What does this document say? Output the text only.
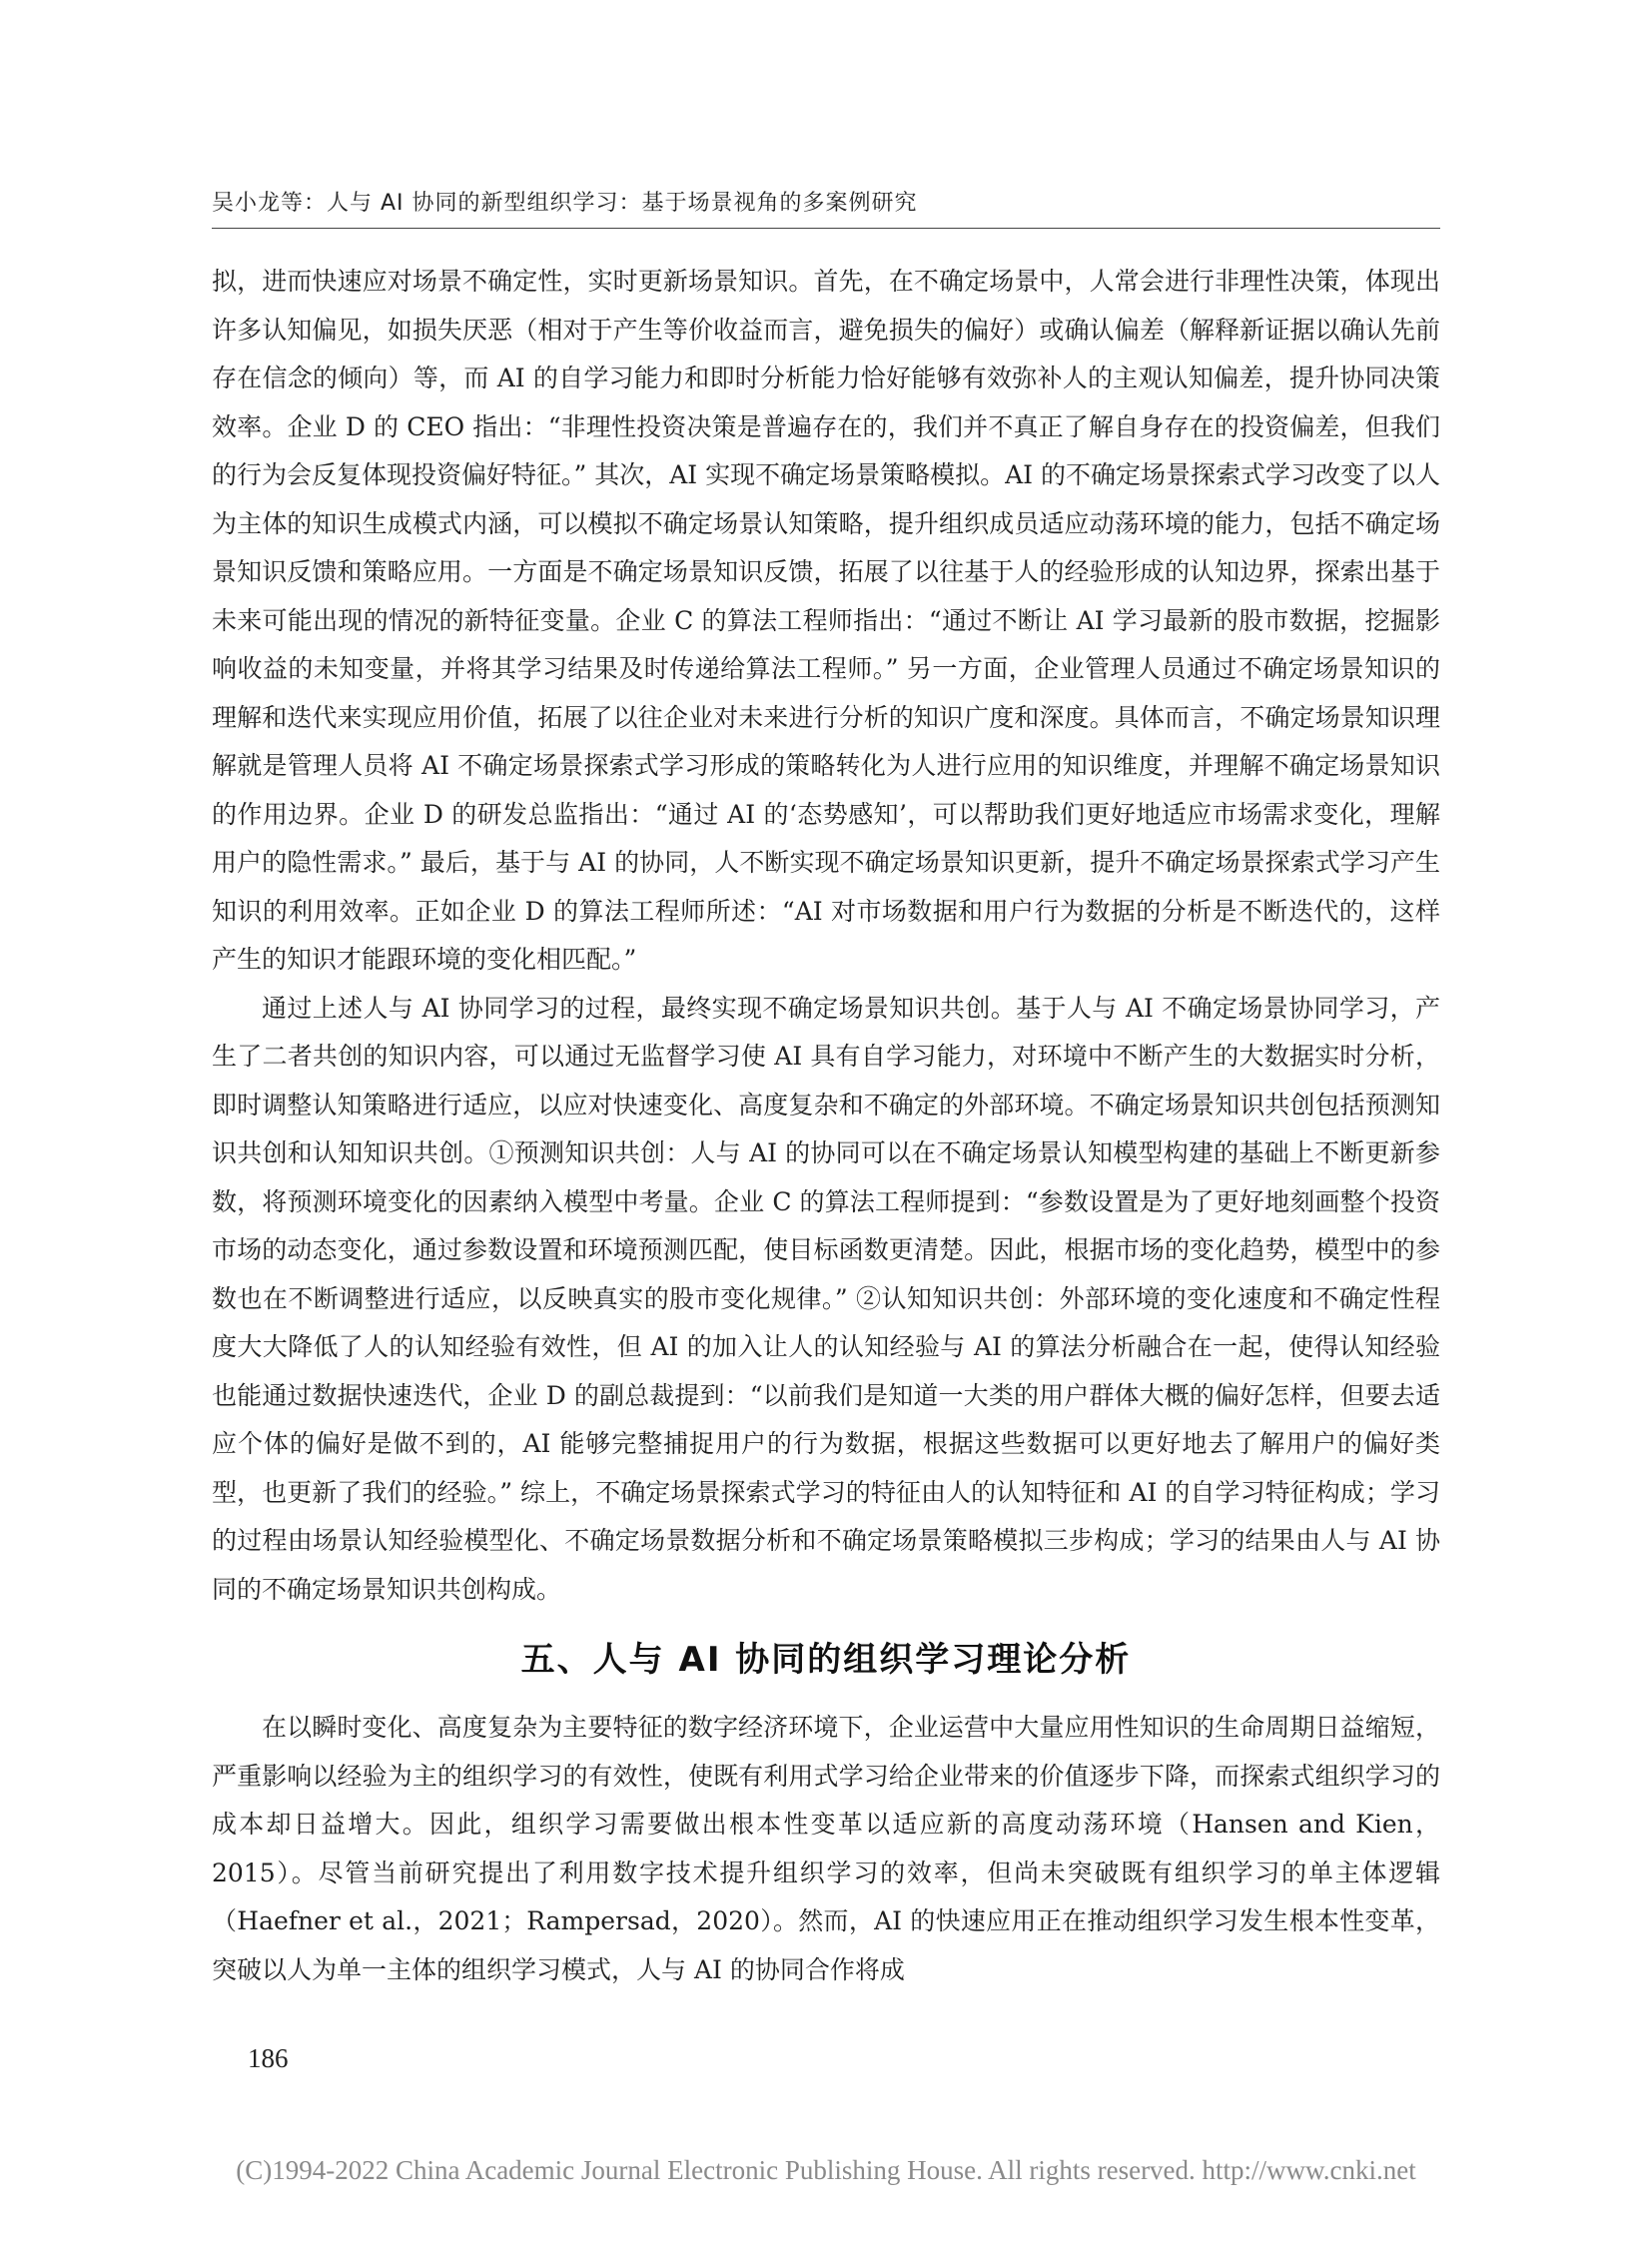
吴小龙等：人与 AI 协同的新型组织学习：基于场景视角的多案例研究

拟，进而快速应对场景不确定性，实时更新场景知识。首先，在不确定场景中，人常会进行非理性决策，体现出许多认知偏见，如损失厌恶（相对于产生等价收益而言，避免损失的偏好）或确认偏差（解释新证据以确认先前存在信念的倾向）等，而 AI 的自学习能力和即时分析能力恰好能够有效弥补人的主观认知偏差，提升协同决策效率。企业 D 的 CEO 指出：“非理性投资决策是普遍存在的，我们并不真正了解自身存在的投资偏差，但我们的行为会反复体现投资偏好特征。” 其次，AI 实现不确定场景策略模拟。AI 的不确定场景探索式学习改变了以人为主体的知识生成模式内涵，可以模拟不确定场景认知策略，提升组织成员适应动荡环境的能力，包括不确定场景知识反馈和策略应用。一方面是不确定场景知识反馈，拓展了以往基于人的经验形成的认知边界，探索出基于未来可能出现的情况的新特征变量。企业 C 的算法工程师指出：“通过不断让 AI 学习最新的股市数据，挖掘影响收益的未知变量，并将其学习结果及时传递给算法工程师。” 另一方面，企业管理人员通过不确定场景知识的理解和迭代来实现应用价值，拓展了以往企业对未来进行分析的知识广度和深度。具体而言，不确定场景知识理解就是管理人员将 AI 不确定场景探索式学习形成的策略转化为人进行应用的知识维度，并理解不确定场景知识的作用边界。企业 D 的研发总监指出：“通过 AI 的‘态势感知’，可以帮助我们更好地适应市场需求变化，理解用户的隐性需求。” 最后，基于与 AI 的协同，人不断实现不确定场景知识更新，提升不确定场景探索式学习产生知识的利用效率。正如企业 D 的算法工程师所述：“AI 对市场数据和用户行为数据的分析是不断迭代的，这样产生的知识才能跟环境的变化相匹配。”

通过上述人与 AI 协同学习的过程，最终实现不确定场景知识共创。基于人与 AI 不确定场景协同学习，产生了二者共创的知识内容，可以通过无监督学习使 AI 具有自学习能力，对环境中不断产生的大数据实时分析，即时调整认知策略进行适应，以应对快速变化、高度复杂和不确定的外部环境。不确定场景知识共创包括预测知识共创和认知知识共创。①预测知识共创：人与 AI 的协同可以在不确定场景认知模型构建的基础上不断更新参数，将预测环境变化的因素纳入模型中考量。企业 C 的算法工程师提到：“参数设置是为了更好地刻画整个投资市场的动态变化，通过参数设置和环境预测匹配，使目标函数更清楚。因此，根据市场的变化趋势，模型中的参数也在不断调整进行适应，以反映真实的股市变化规律。” ②认知知识共创：外部环境的变化速度和不确定性程度大大降低了人的认知经验有效性，但 AI 的加入让人的认知经验与 AI 的算法分析融合在一起，使得认知经验也能通过数据快速迭代，企业 D 的副总裁提到：“以前我们是知道一大类的用户群体大概的偏好怎样，但要去适应个体的偏好是做不到的，AI 能够完整捕捉用户的行为数据，根据这些数据可以更好地去了解用户的偏好类型，也更新了我们的经验。” 综上，不确定场景探索式学习的特征由人的认知特征和 AI 的自学习特征构成；学习的过程由场景认知经验模型化、不确定场景数据分析和不确定场景策略模拟三步构成；学习的结果由人与 AI 协同的不确定场景知识共创构成。

五、人与 AI 协同的组织学习理论分析

在以瞬时变化、高度复杂为主要特征的数字经济环境下，企业运营中大量应用性知识的生命周期日益缩短，严重影响以经验为主的组织学习的有效性，使既有利用式学习给企业带来的价值逐步下降，而探索式组织学习的成本却日益增大。因此，组织学习需要做出根本性变革以适应新的高度动荡环境（Hansen and Kien，2015）。尽管当前研究提出了利用数字技术提升组织学习的效率，但尚未突破既有组织学习的单主体逻辑（Haefner et al.，2021；Rampersad，2020）。然而，AI 的快速应用正在推动组织学习发生根本性变革，突破以人为单一主体的组织学习模式，人与 AI 的协同合作将成

186
(C)1994-2022 China Academic Journal Electronic Publishing House. All rights reserved. http://www.cnki.net
